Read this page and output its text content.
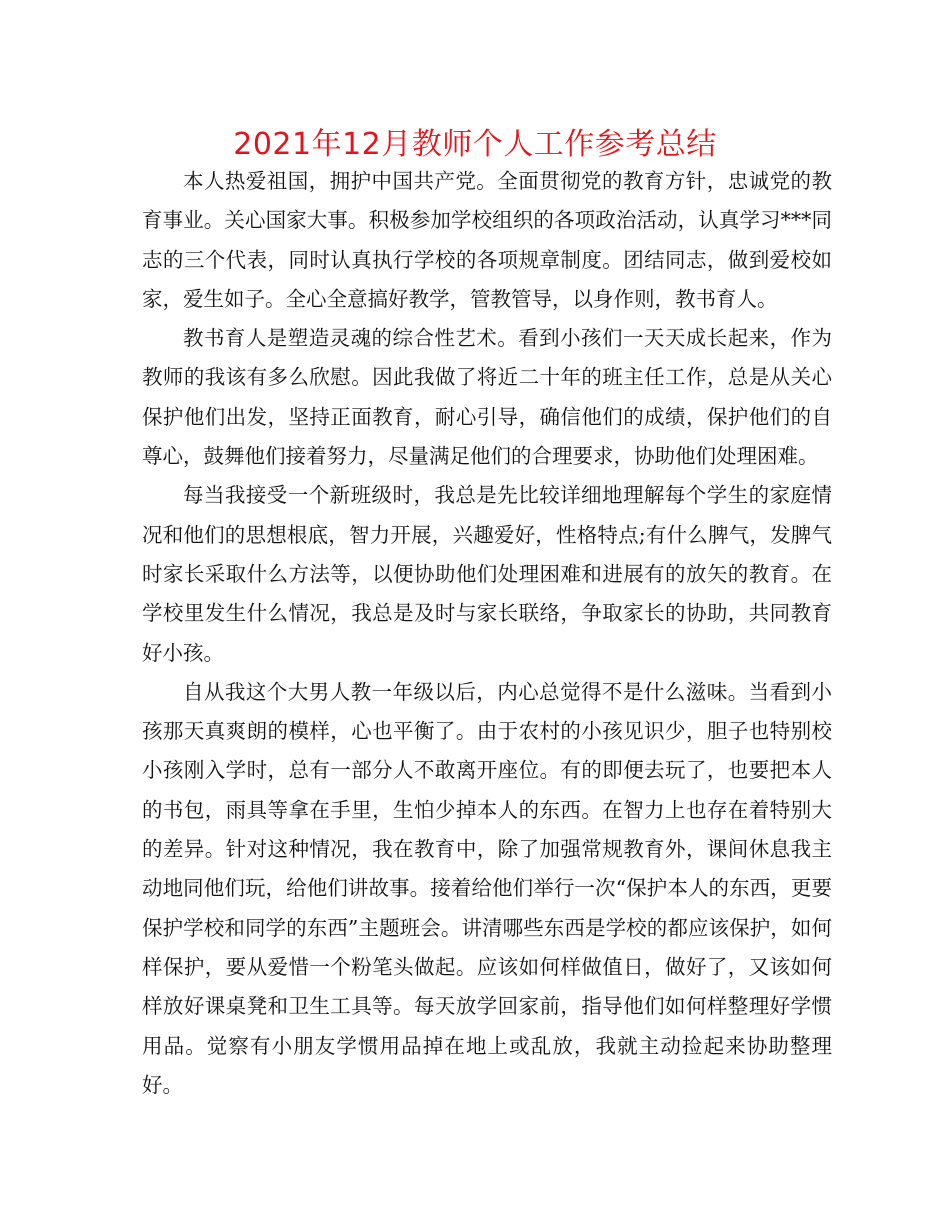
2021年12月教师个人工作参考总结

本人热爱祖国，拥护中国共产党。全面贯彻党的教育方针，忠诚党的教育事业。关心国家大事。积极参加学校组织的各项政治活动，认真学习***同志的三个代表，同时认真执行学校的各项规章制度。团结同志，做到爱校如家，爱生如子。全心全意搞好教学，管教管导，以身作则，教书育人。

教书育人是塑造灵魂的综合性艺术。看到小孩们一天天成长起来，作为教师的我该有多么欣慰。因此我做了将近二十年的班主任工作，总是从关心保护他们出发，坚持正面教育，耐心引导，确信他们的成绩，保护他们的自尊心，鼓舞他们接着努力，尽量满足他们的合理要求，协助他们处理困难。

每当我接受一个新班级时，我总是先比较详细地理解每个学生的家庭情况和他们的思想根底，智力开展，兴趣爱好，性格特点;有什么脾气，发脾气时家长采取什么方法等，以便协助他们处理困难和进展有的放矢的教育。在学校里发生什么情况，我总是及时与家长联络，争取家长的协助，共同教育好小孩。

自从我这个大男人教一年级以后，内心总觉得不是什么滋味。当看到小孩那天真爽朗的模样，心也平衡了。由于农村的小孩见识少，胆子也特别校小孩刚入学时，总有一部分人不敢离开座位。有的即便去玩了，也要把本人的书包，雨具等拿在手里，生怕少掉本人的东西。在智力上也存在着特别大的差异。针对这种情况，我在教育中，除了加强常规教育外，课间休息我主动地同他们玩，给他们讲故事。接着给他们举行一次“保护本人的东西，更要保护学校和同学的东西”主题班会。讲清哪些东西是学校的都应该保护，如何样保护，要从爱惜一个粉笔头做起。应该如何样做值日，做好了，又该如何样放好课桌凳和卫生工具等。每天放学回家前，指导他们如何样整理好学惯用品。觉察有小朋友学惯用品掉在地上或乱放，我就主动捡起来协助整理好。
